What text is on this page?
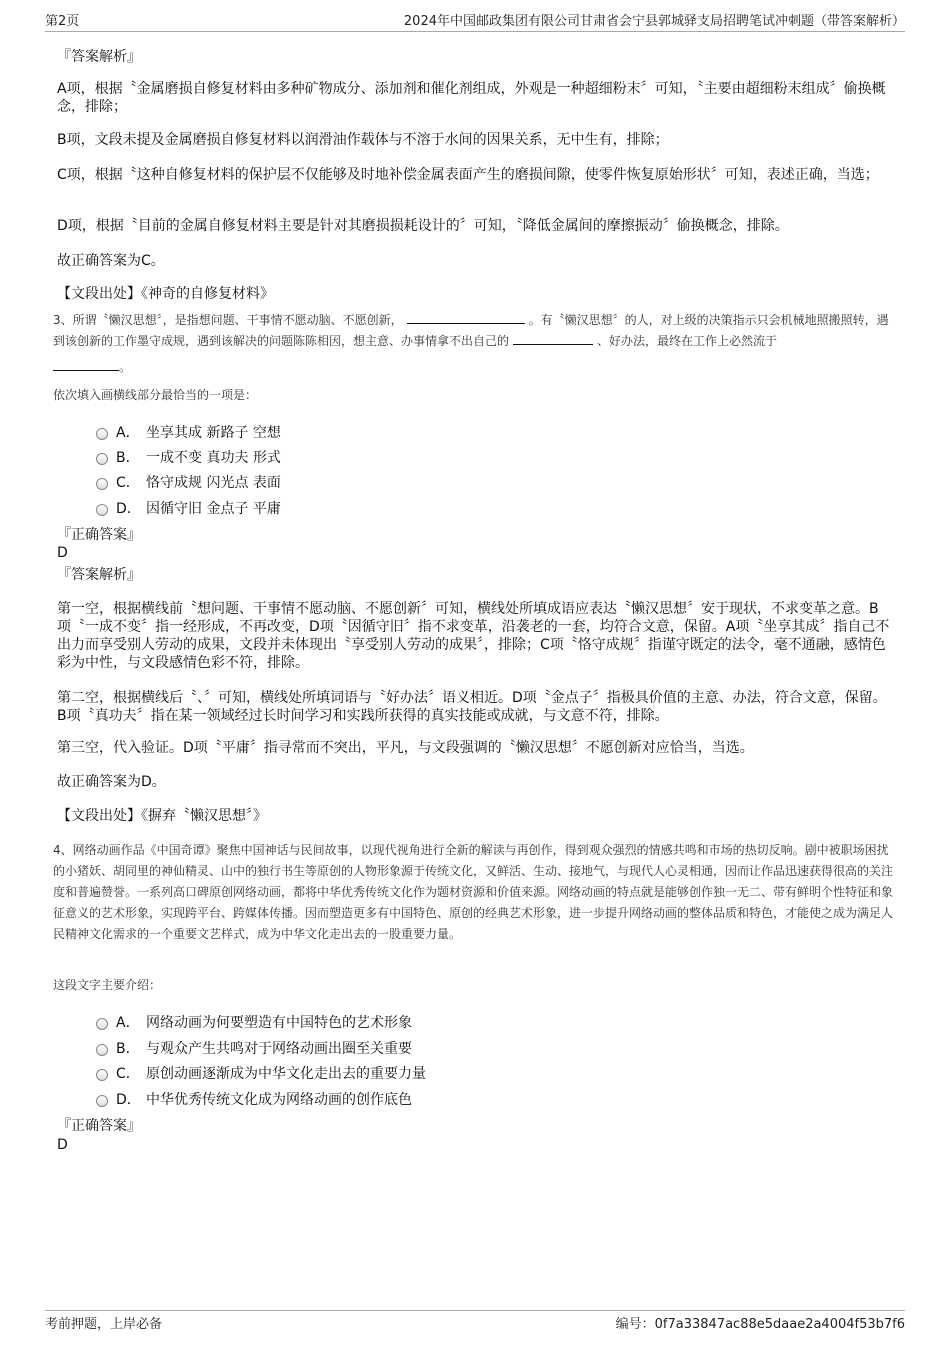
第2页	2024年中国邮政集团有限公司甘肃省会宁县郭城驿支局招聘笔试冲刺题（带答案解析）
『答案解析』
A项，根据〝金属磨损自修复材料由多种矿物成分、添加剂和催化剂组成，外观是一种超细粉末〞可知，〝主要由超细粉末组成〞偷换概念，排除；
B项，文段未提及金属磨损自修复材料以润滑油作载体与不溶于水间的因果关系，无中生有，排除；
C项，根据〝这种自修复材料的保护层不仅能够及时地补偿金属表面产生的磨损间隙，使零件恢复原始形状〞可知，表述正确，当选；
D项，根据〝目前的金属自修复材料主要是针对其磨损损耗设计的〞可知，〝降低金属间的摩擦振动〞偷换概念，排除。
故正确答案为C。
【文段出处】《神奇的自修复材料》
3、所谓〝懒汉思想〞，是指想问题、干事情不愿动脑、不愿创新，	。有〝懒汉思想〞的人，对上级的决策指示只会机械地照搬照转，遇到该创新的工作墨守成规，遇到该解决的问题陈陈相因，想主意、办事情拿不出自己的	、好办法，最终在工作上必然流于
。
依次填入画横线部分最恰当的一项是：
A． 坐享其成 新路子 空想
B． 一成不变 真功夫 形式
C． 恪守成规 闪光点 表面
D． 因循守旧 金点子 平庸
『正确答案』
D
『答案解析』
第一空，根据横线前〝想问题、干事情不愿动脑、不愿创新〞可知，横线处所填成语应表达〝懒汉思想〞安于现状，不求变革之意。B项〝一成不变〞指一经形成，不再改变，D项〝因循守旧〞指不求变革，沿袭老的一套，均符合文意，保留。A项〝坐享其成〞指自己不出力而享受别人劳动的成果，文段并未体现出〝享受别人劳动的成果〞，排除；C项〝恪守成规〞指谨守既定的法令，毫不通融，感情色彩为中性，与文段感情色彩不符，排除。
第二空，根据横线后〝、〞可知，横线处所填词语与〝好办法〞语义相近。D项〝金点子〞指极具价值的主意、办法，符合文意，保留。B项〝真功夫〞指在某一领域经过长时间学习和实践所获得的真实技能或成就，与文意不符，排除。
第三空，代入验证。D项〝平庸〞指寻常而不突出，平凡，与文段强调的〝懒汉思想〞不愿创新对应恰当，当选。
故正确答案为D。
【文段出处】《摒弃〝懒汉思想〞》
4、网络动画作品《中国奇谭》聚焦中国神话与民间故事，以现代视角进行全新的解读与再创作，得到观众强烈的情感共鸣和市场的热切反响。剧中被职场困扰的小猪妖、胡同里的神仙精灵、山中的独行书生等原创的人物形象源于传统文化，又鲜活、生动、接地气，与现代人心灵相通，因而让作品迅速获得很高的关注度和普遍赞誉。一系列高口碑原创网络动画，都将中华优秀传统文化作为题材资源和价值来源。网络动画的特点就是能够创作独一无二、带有鲜明个性特征和象征意义的艺术形象，实现跨平台、跨媒体传播。因而塑造更多有中国特色、原创的经典艺术形象，进一步提升网络动画的整体品质和特色，才能使之成为满足人民精神文化需求的一个重要文艺样式，成为中华文化走出去的一股重要力量。
这段文字主要介绍：
A． 网络动画为何要塑造有中国特色的艺术形象
B． 与观众产生共鸣对于网络动画出圈至关重要
C． 原创动画逐渐成为中华文化走出去的重要力量
D． 中华优秀传统文化成为网络动画的创作底色
『正确答案』
D
考前押题，上岸必备	编号：0f7a33847ac88e5daae2a4004f53b7f6
